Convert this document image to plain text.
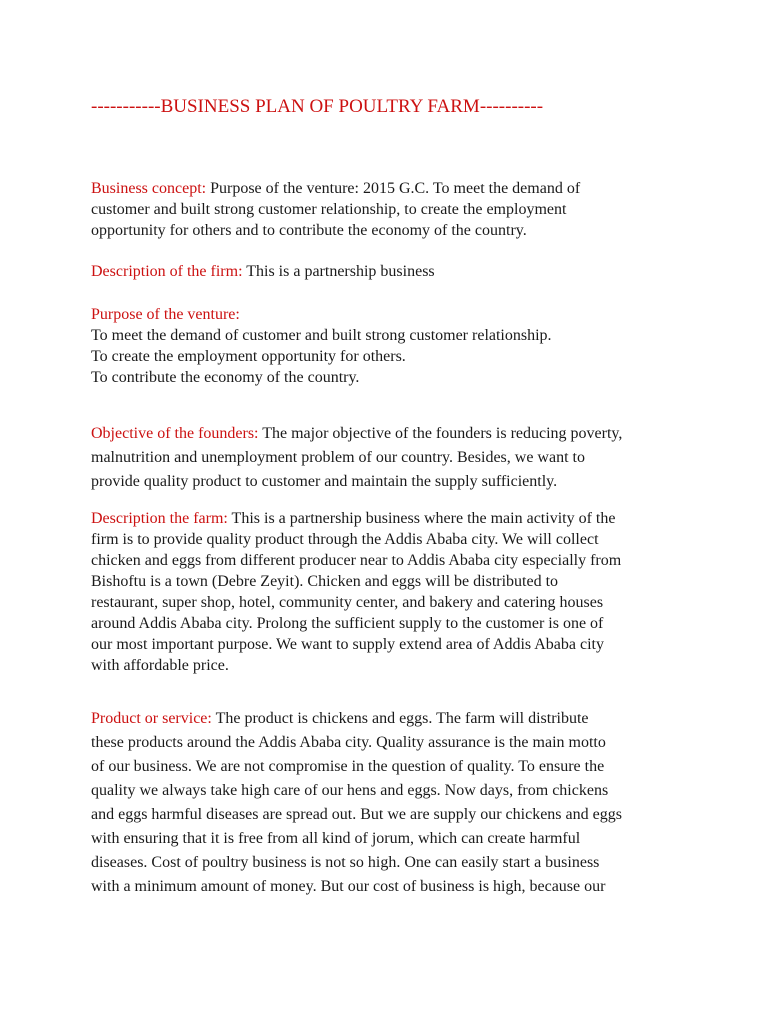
-----------BUSINESS PLAN OF POULTRY FARM----------
Business concept: Purpose of the venture: 2015 G.C. To meet the demand of
customer and built strong customer relationship, to create the employment
opportunity for others and to contribute the economy of the country.
Description of the firm: This is a partnership business
Purpose of the venture:
To meet the demand of customer and built strong customer relationship.
To create the employment opportunity for others.
To contribute the economy of the country.
Objective of the founders: The major objective of the founders is reducing poverty,
malnutrition and unemployment problem of our country. Besides, we want to
provide quality product to customer and maintain the supply sufficiently.
Description the farm: This is a partnership business where the main activity of the
firm is to provide quality product through the Addis Ababa city. We will collect
chicken and eggs from different producer near to Addis Ababa city especially from
Bishoftu is a town (Debre Zeyit). Chicken and eggs will be distributed to
restaurant, super shop, hotel, community center, and bakery and catering houses
around Addis Ababa city. Prolong the sufficient supply to the customer is one of
our most important purpose. We want to supply extend area of Addis Ababa city
with affordable price.
Product or service: The product is chickens and eggs. The farm will distribute
these products around the Addis Ababa city. Quality assurance is the main motto
of our business. We are not compromise in the question of quality. To ensure the
quality we always take high care of our hens and eggs. Now days, from chickens
and eggs harmful diseases are spread out. But we are supply our chickens and eggs
with ensuring that it is free from all kind of jorum, which can create harmful
diseases. Cost of poultry business is not so high. One can easily start a business
with a minimum amount of money. But our cost of business is high, because our
